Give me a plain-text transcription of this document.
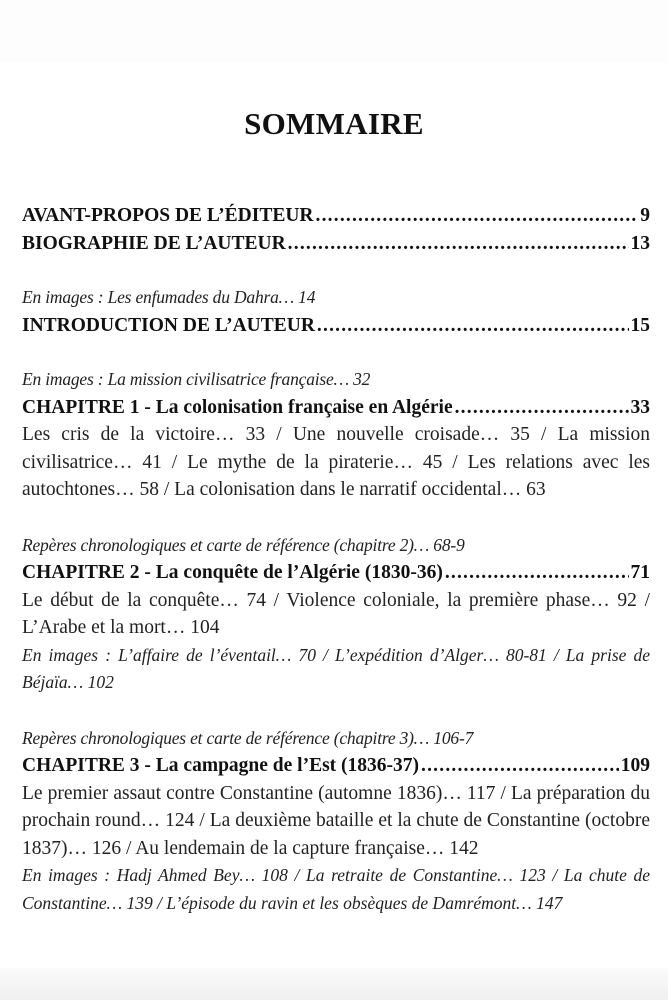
SOMMAIRE
AVANT-PROPOS DE L’ÉDITEUR .....	9
BIOGRAPHIE DE L’AUTEUR .....	13
En images : Les enfumades du Dahra… 14
INTRODUCTION DE L’AUTEUR .....	15
En images : La mission civilisatrice française… 32
CHAPITRE 1 - La colonisation française en Algérie .....	33
Les cris de la victoire… 33 / Une nouvelle croisade… 35 / La mission civilisatrice… 41 / Le mythe de la piraterie… 45 / Les relations avec les autochtones… 58 / La colonisation dans le narratif occidental… 63
Repères chronologiques et carte de référence (chapitre 2)… 68-9
CHAPITRE 2 - La conquête de l’Algérie (1830-36) .....	71
Le début de la conquête… 74 / Violence coloniale, la première phase… 92 / L’Arabe et la mort… 104
En images : L’affaire de l’éventail… 70 / L’expédition d’Alger… 80-81 / La prise de Béjaïa… 102
Repères chronologiques et carte de référence (chapitre 3)… 106-7
CHAPITRE 3 - La campagne de l’Est (1836-37) .....	109
Le premier assaut contre Constantine (automne 1836)… 117 / La préparation du prochain round… 124 / La deuxième bataille et la chute de Constantine (octobre 1837)… 126 / Au lendemain de la capture française… 142
En images : Hadj Ahmed Bey… 108 / La retraite de Constantine… 123 / La chute de Constantine… 139 / L’épisode du ravin et les obsèques de Damrémont… 147
